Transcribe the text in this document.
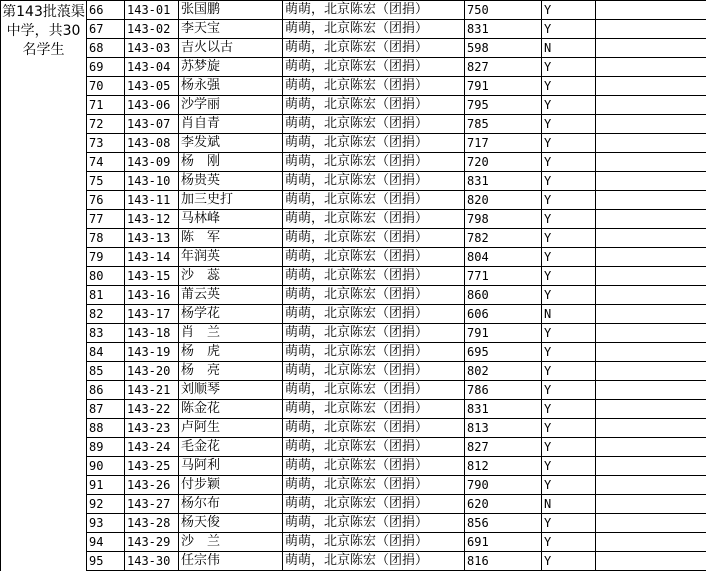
第143批蒗渠中学，共30名学生	66	143-01	张国鹏	萌萌，北京陈宏（团捐）	750	Y	
	67	143-02	李天宝	萌萌，北京陈宏（团捐）	831	Y	
	68	143-03	吉火以古	萌萌，北京陈宏（团捐）	598	N	
	69	143-04	苏梦旋	萌萌，北京陈宏（团捐）	827	Y	
	70	143-05	杨永强	萌萌，北京陈宏（团捐）	791	Y	
	71	143-06	沙学丽	萌萌，北京陈宏（团捐）	795	Y	
	72	143-07	肖自青	萌萌，北京陈宏（团捐）	785	Y	
	73	143-08	李发斌	萌萌，北京陈宏（团捐）	717	Y	
	74	143-09	杨　刚	萌萌，北京陈宏（团捐）	720	Y	
	75	143-10	杨贵英	萌萌，北京陈宏（团捐）	831	Y	
	76	143-11	加三史打	萌萌，北京陈宏（团捐）	820	Y	
	77	143-12	马林峰	萌萌，北京陈宏（团捐）	798	Y	
	78	143-13	陈　军	萌萌，北京陈宏（团捐）	782	Y	
	79	143-14	年润英	萌萌，北京陈宏（团捐）	804	Y	
	80	143-15	沙　蕊	萌萌，北京陈宏（团捐）	771	Y	
	81	143-16	莆云英	萌萌，北京陈宏（团捐）	860	Y	
	82	143-17	杨学花	萌萌，北京陈宏（团捐）	606	N	
	83	143-18	肖　兰	萌萌，北京陈宏（团捐）	791	Y	
	84	143-19	杨　虎	萌萌，北京陈宏（团捐）	695	Y	
	85	143-20	杨　亮	萌萌，北京陈宏（团捐）	802	Y	
	86	143-21	刘顺琴	萌萌，北京陈宏（团捐）	786	Y	
	87	143-22	陈金花	萌萌，北京陈宏（团捐）	831	Y	
	88	143-23	卢阿生	萌萌，北京陈宏（团捐）	813	Y	
	89	143-24	毛金花	萌萌，北京陈宏（团捐）	827	Y	
	90	143-25	马阿利	萌萌，北京陈宏（团捐）	812	Y	
	91	143-26	付步颖	萌萌，北京陈宏（团捐）	790	Y	
	92	143-27	杨尔布	萌萌，北京陈宏（团捐）	620	N	
	93	143-28	杨天俊	萌萌，北京陈宏（团捐）	856	Y	
	94	143-29	沙　兰	萌萌，北京陈宏（团捐）	691	Y	
	95	143-30	任宗伟	萌萌，北京陈宏（团捐）	816	Y	
